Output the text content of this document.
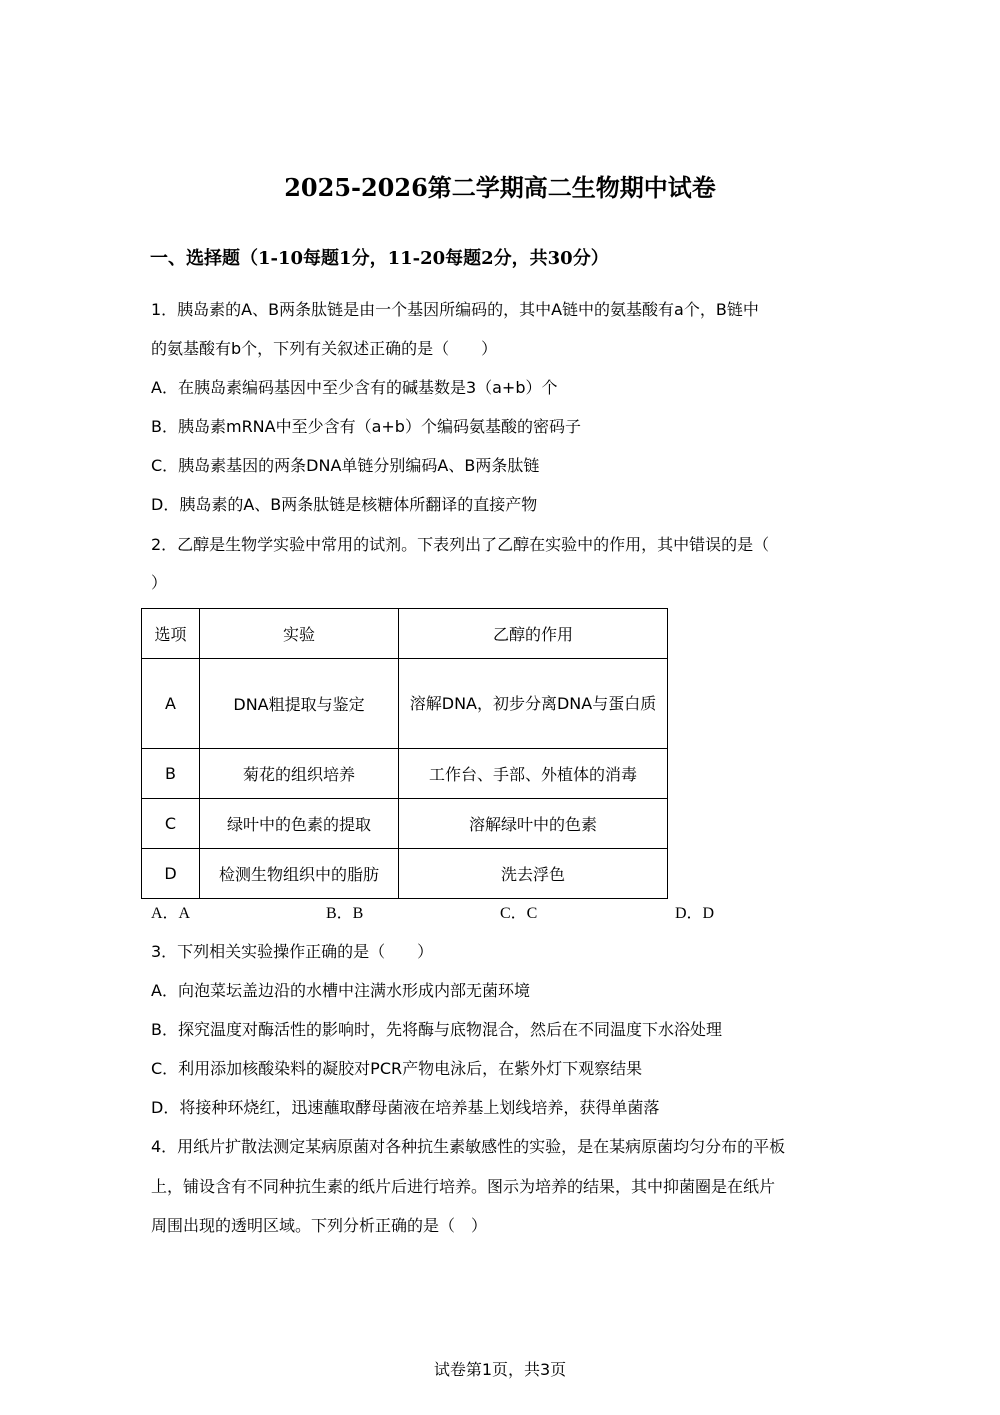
2025-2026第二学期高二生物期中试卷
一、选择题（1-10每题1分，11-20每题2分，共30分）
1．胰岛素的A、B两条肽链是由一个基因所编码的，其中A链中的氨基酸有a个，B链中
的氨基酸有b个，下列有关叙述正确的是（　　）
A．在胰岛素编码基因中至少含有的碱基数是3（a+b）个
B．胰岛素mRNA中至少含有（a+b）个编码氨基酸的密码子
C．胰岛素基因的两条DNA单链分别编码A、B两条肽链
D．胰岛素的A、B两条肽链是核糖体所翻译的直接产物
2．乙醇是生物学实验中常用的试剂。下表列出了乙醇在实验中的作用，其中错误的是（
）
选项	实验	乙醇的作用
A	DNA粗提取与鉴定	溶解DNA，初步分离DNA与蛋白质
B	菊花的组织培养	工作台、手部、外植体的消毒
C	绿叶中的色素的提取	溶解绿叶中的色素
D	检测生物组织中的脂肪	洗去浮色
A．A	B．B	C．C	D．D
3．下列相关实验操作正确的是（　　）
A．向泡菜坛盖边沿的水槽中注满水形成内部无菌环境
B．探究温度对酶活性的影响时，先将酶与底物混合，然后在不同温度下水浴处理
C．利用添加核酸染料的凝胶对PCR产物电泳后，在紫外灯下观察结果
D．将接种环烧红，迅速蘸取酵母菌液在培养基上划线培养，获得单菌落
4．用纸片扩散法测定某病原菌对各种抗生素敏感性的实验，是在某病原菌均匀分布的平板
上，铺设含有不同种抗生素的纸片后进行培养。图示为培养的结果，其中抑菌圈是在纸片
周围出现的透明区域。下列分析正确的是（　）
试卷第1页，共3页
